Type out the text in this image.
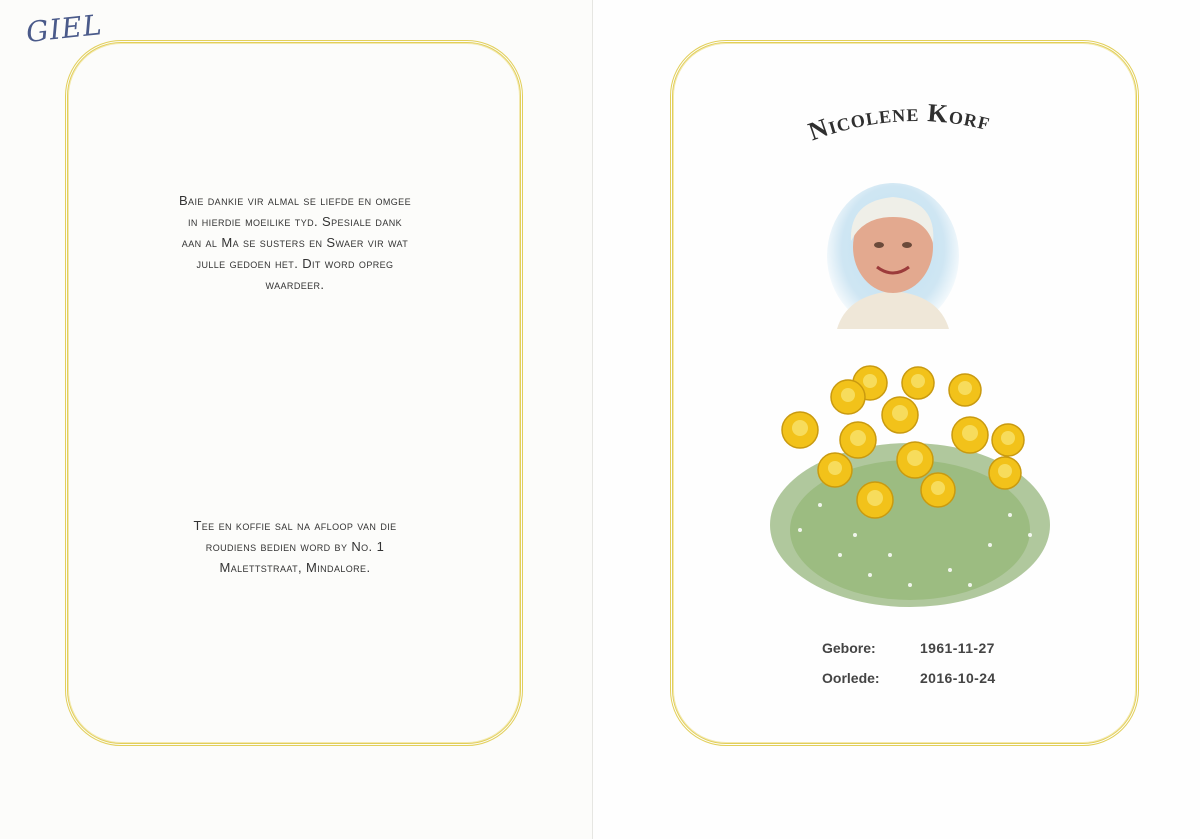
GIEL
Baie dankie vir almal se liefde en omgee
in hierdie moeilike tyd. Spesiale dank
aan al Ma se susters en Swaer vir wat
julle gedoen het. Dit word opreg
waardeer.
Tee en koffie sal na afloop van die
roudiens bedien word by No. 1
Malettstraat, Mindalore.
Nicolene Korf
Gebore:	1961-11-27
Oorlede:	2016-10-24
